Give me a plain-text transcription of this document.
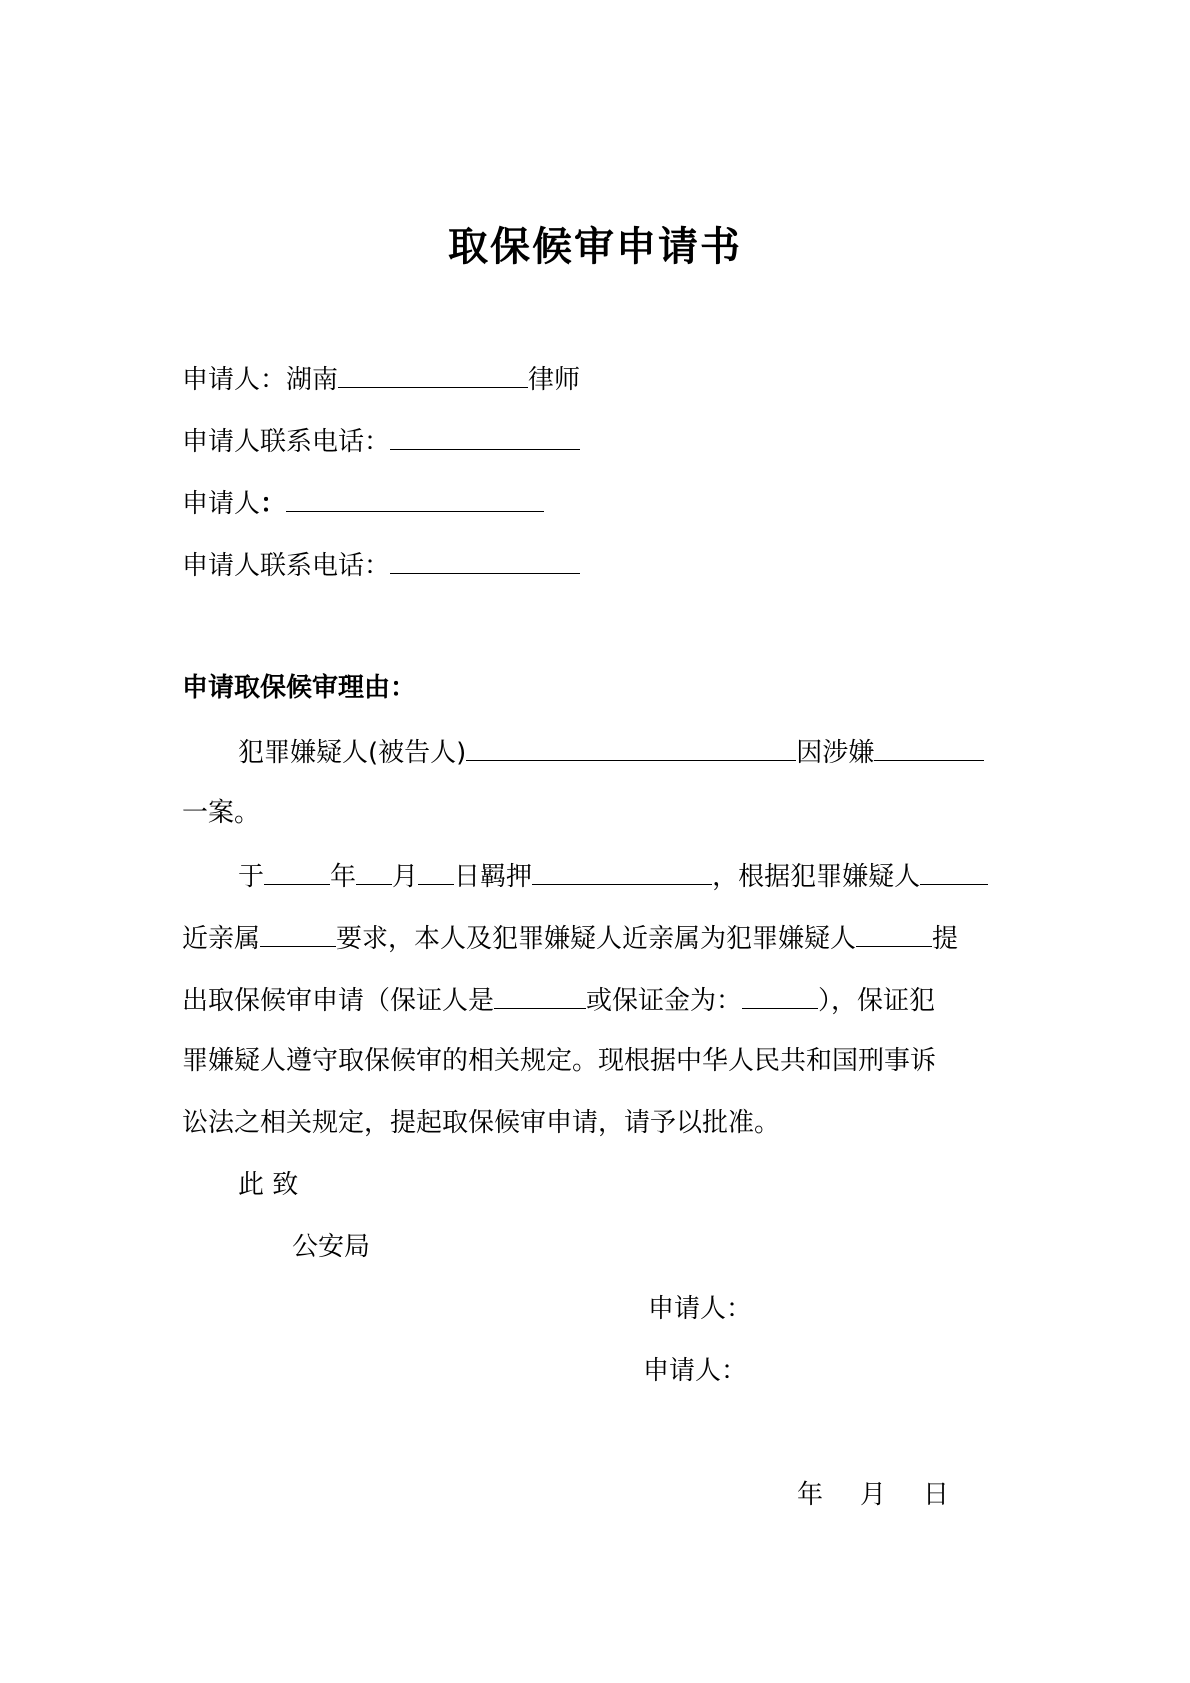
取保候审申请书
申请人：湖南	律师
申请人联系电话：
申请人：
申请人联系电话：
申请取保候审理由：
犯罪嫌疑人(被告人)	因涉嫌
一案。
于	年 月 日羁押	，根据犯罪嫌疑人
近亲属	要求，本人及犯罪嫌疑人近亲属为犯罪嫌疑人	提
出取保候审申请（保证人是	或保证金为：	），保证犯
罪嫌疑人遵守取保候审的相关规定。现根据中华人民共和国刑事诉
讼法之相关规定，提起取保候审申请，请予以批准。
此 致
公安局
申请人：
申请人：
年 月 日
